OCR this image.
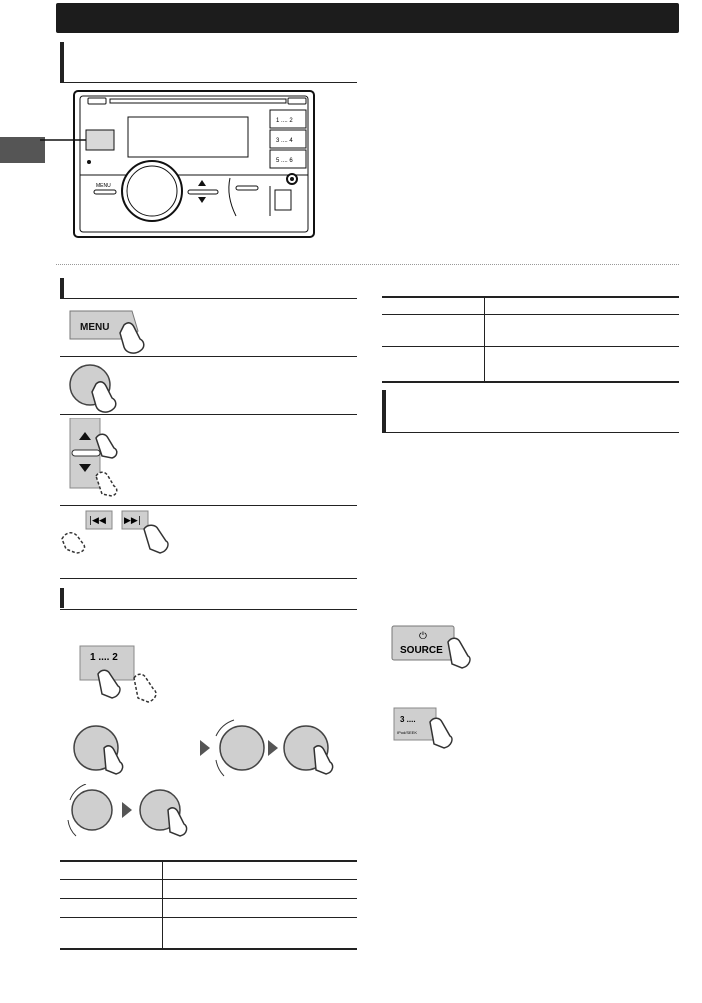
1 .... 2
3 .... 4
5 .... 6
MENU
MENU
|◀◀ ▶▶|
1 .... 2
⏻
SOURCE
3 ....
IPod/SEEK
